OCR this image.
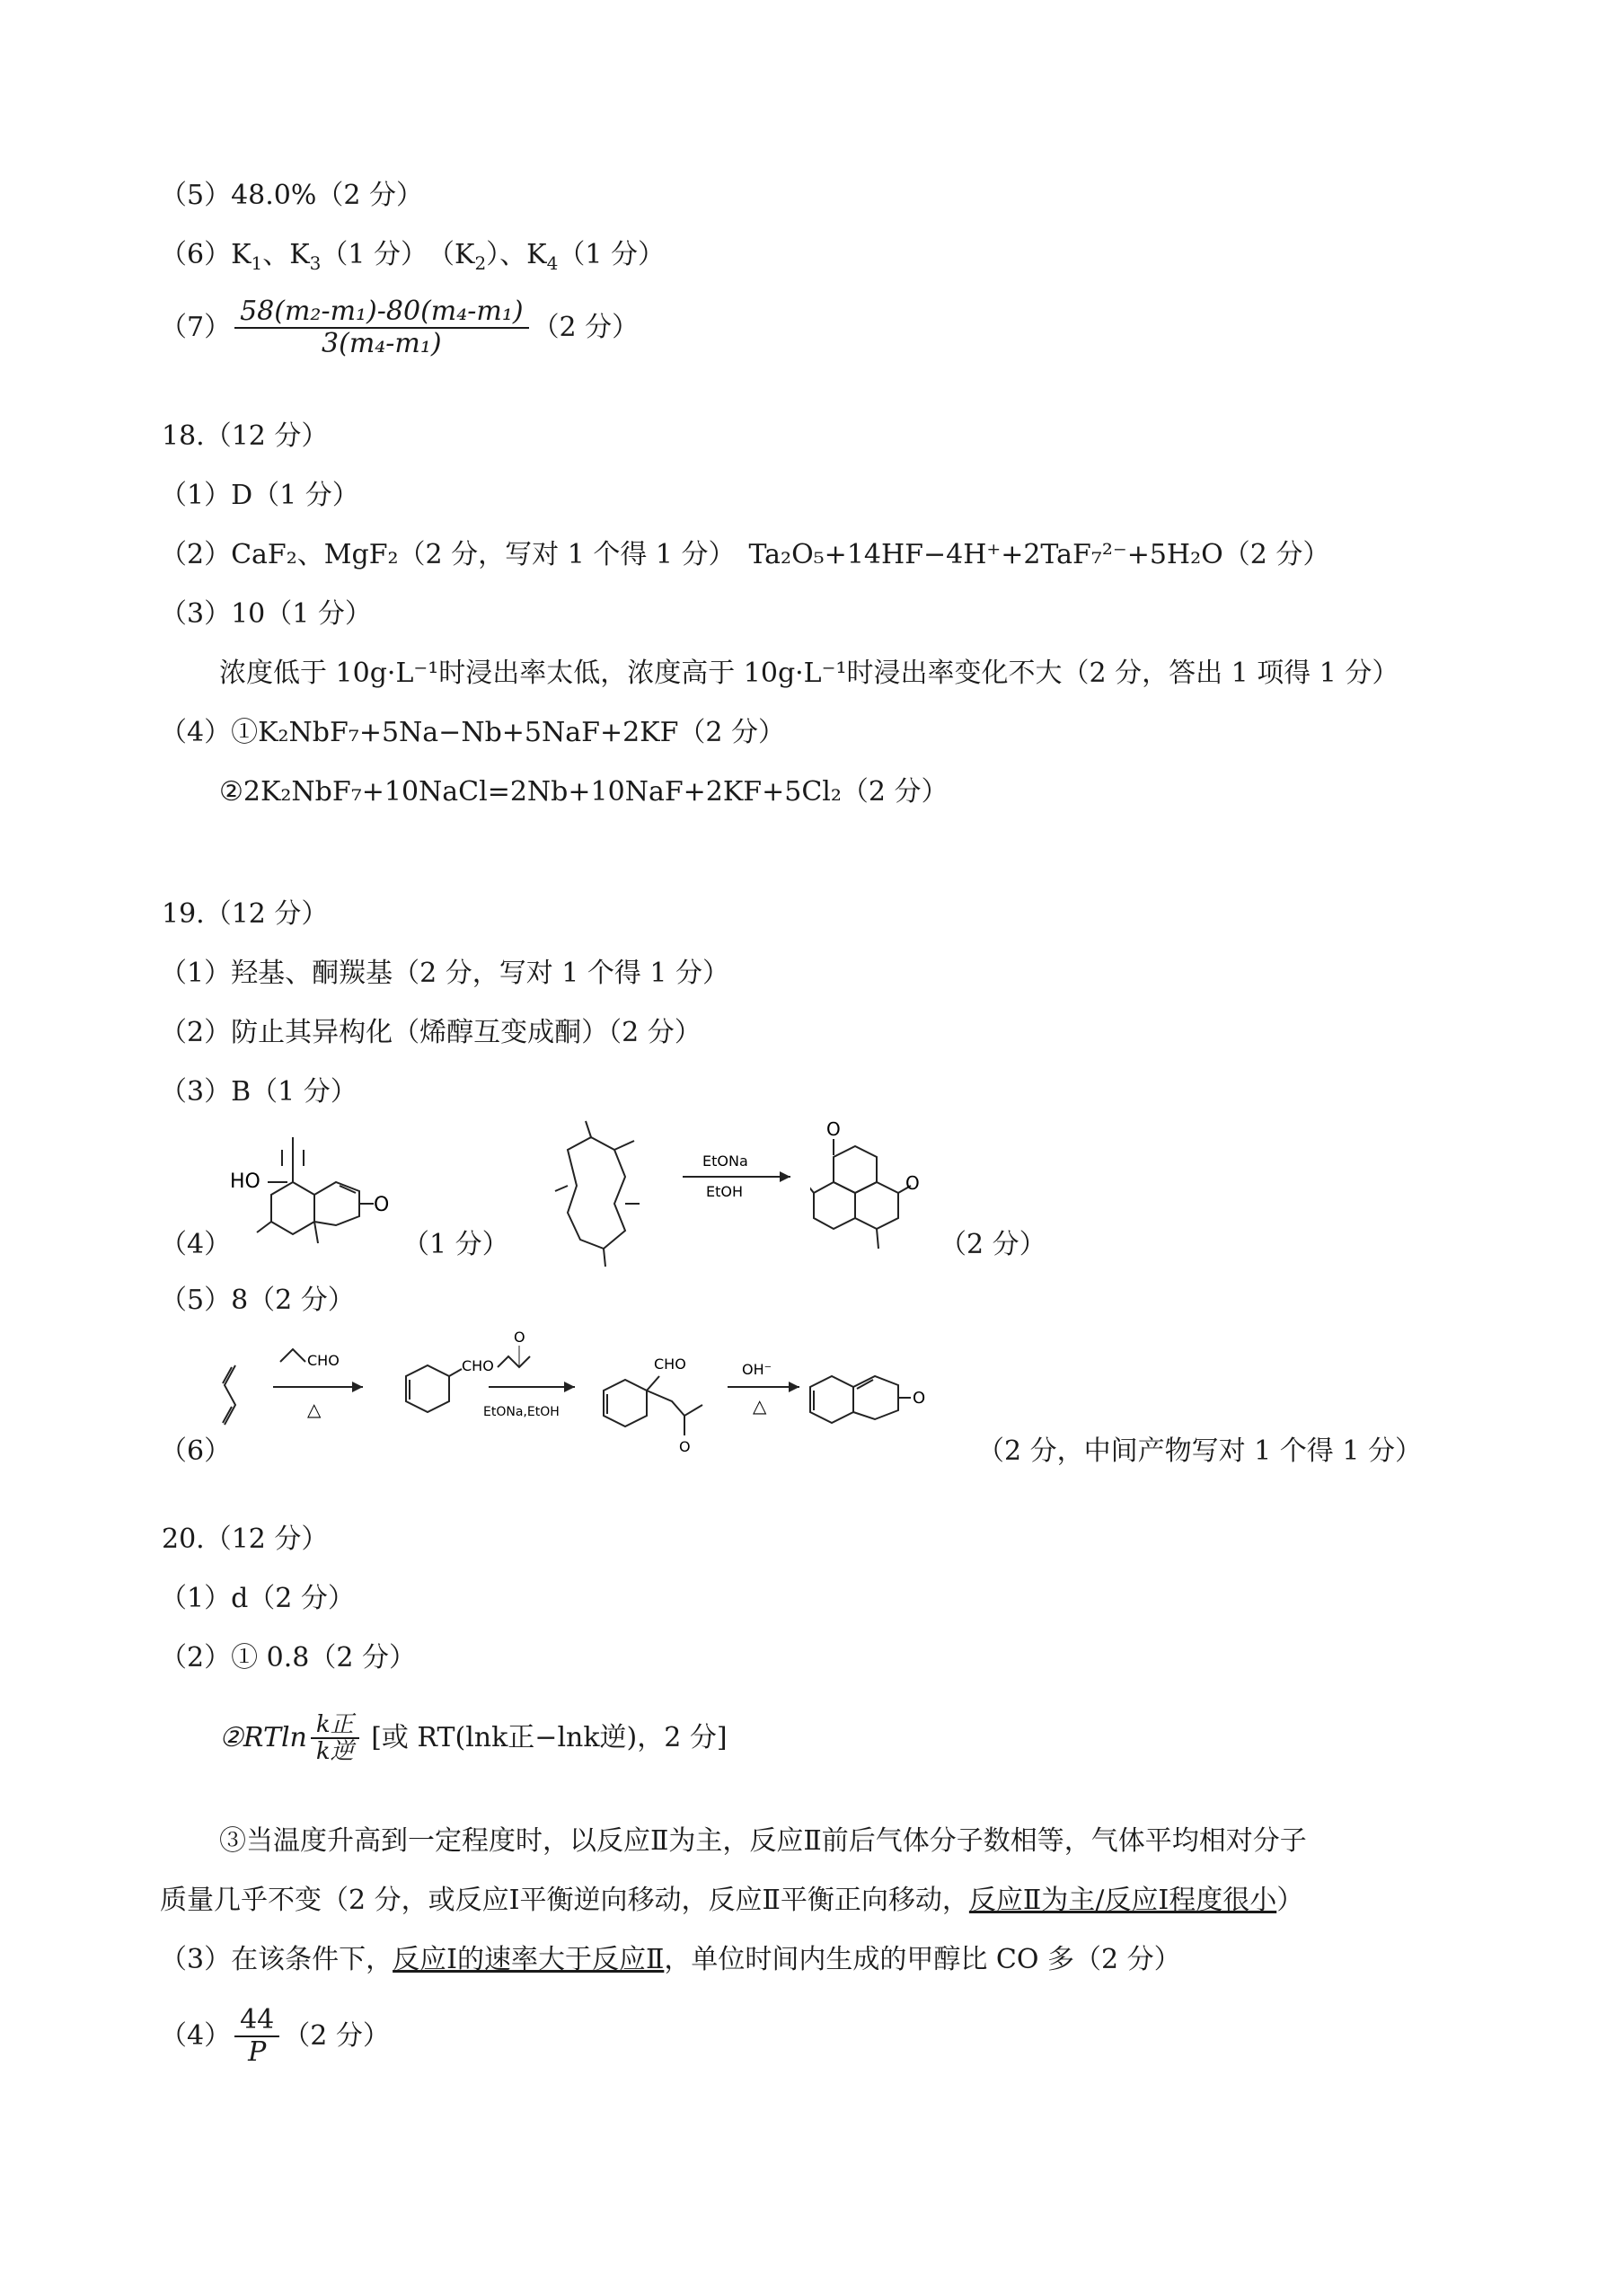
（5）48.0%（2 分）
$(6)K_1$、$K_3(1$ 分）　$(K_2)$、$K_4(1$ 分）
$(7) \frac{\text{58(m₂-m₁)-80(m₄-m₁)}}{\text{3(m₄-m₁)}} (2$ 分）
18.（12 分）
（1）D（1 分）
（2）CaF₂、MgF₂（2 分，写对 1 个得 1 分）　Ta₂O₅+14HF−4H⁺+2TaF₇²⁻+5H₂O（2 分）
（3）10（1 分）
浓度低于 10g·L⁻¹时浸出率太低，浓度高于 10g·L⁻¹时浸出率变化不大（2 分，答出 1 项得 1 分）
（4）①K₂NbF₇+5Na−Nb+5NaF+2KF（2 分）
②2K₂NbF₇+10NaCl=2Nb+10NaF+2KF+5Cl₂（2 分）
19.（12 分）
（1）羟基、酮羰基（2 分，写对 1 个得 1 分）
（2）防止其异构化（烯醇互变成酮）（2 分）
（3）B（1 分）
（4）
HO
O
（1 分）
EtONa
EtOH
O
O
（2 分）
（5）8（2 分）
（6）
CHO
△
CHO
O
EtONa,EtOH
CHO
O
OH⁻
△	O
（2 分，中间产物写对 1 个得 1 分）
20.（12 分）
（1）d（2 分）
（2）① 0.8（2 分）
②RTln $\frac{\text{k正}}{\text{k逆}}$ [或 RT(lnk正−lnk逆)，2 分]
③当温度升高到一定程度时，以反应Ⅱ为主，反应Ⅱ前后气体分子数相等，气体平均相对分子
质量几乎不变（2 分，或反应Ⅰ平衡逆向移动，反应Ⅱ平衡正向移动，反应Ⅱ为主/反应Ⅰ程度很小）
（3）在该条件下，反应Ⅰ的速率大于反应Ⅱ，单位时间内生成的甲醇比 CO 多（2 分）
$(4) \frac{44}{P} (2$ 分）
